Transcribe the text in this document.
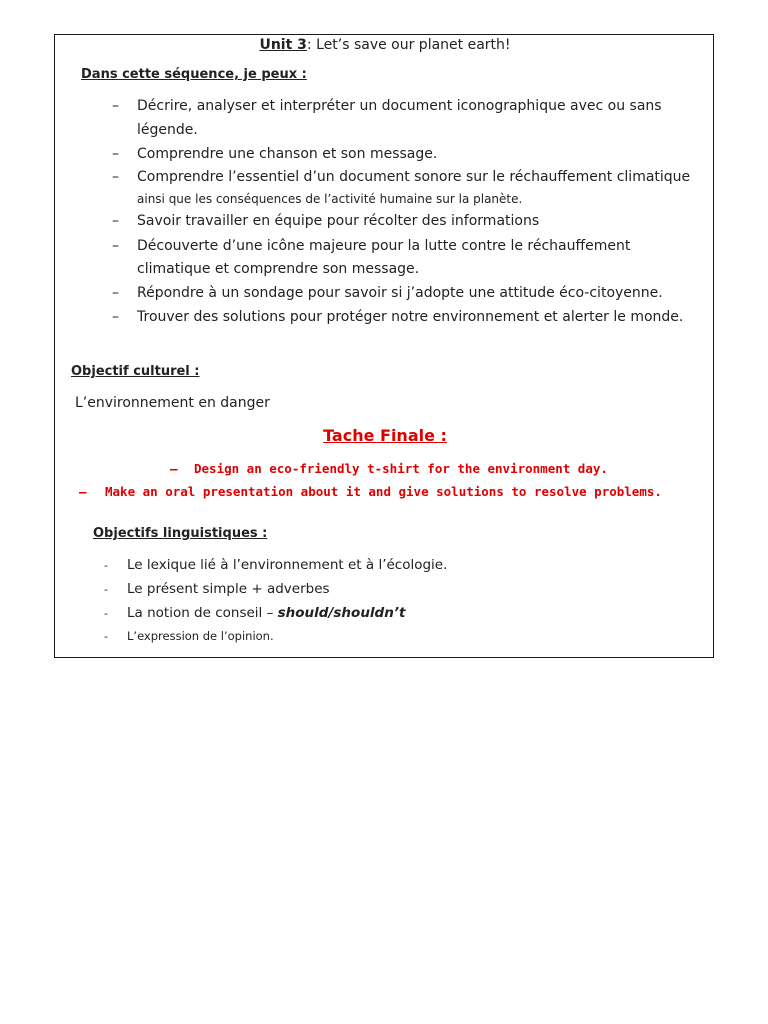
Unit 3: Let’s save our planet earth!
Dans cette séquence, je peux :
– Décrire, analyser et interpréter un document iconographique avec ou sans
légende.
– Comprendre une chanson et son message.
– Comprendre l’essentiel d’un document sonore sur le réchauffement climatique
ainsi que les conséquences de l’activité humaine sur la planète.
– Savoir travailler en équipe pour récolter des informations
– Découverte d’une icône majeure pour la lutte contre le réchauffement
climatique et comprendre son message.
– Répondre à un sondage pour savoir si j’adopte une attitude éco-citoyenne.
– Trouver des solutions pour protéger notre environnement et alerter le monde.
Objectif culturel :
L’environnement en danger
Tache Finale :
– Design an eco-friendly t-shirt for the environment day.
– Make an oral presentation about it and give solutions to resolve problems.
Objectifs linguistiques :
- Le lexique lié à l’environnement et à l’écologie.
- Le présent simple + adverbes
- La notion de conseil – should/shouldn’t
- L’expression de l’opinion.
